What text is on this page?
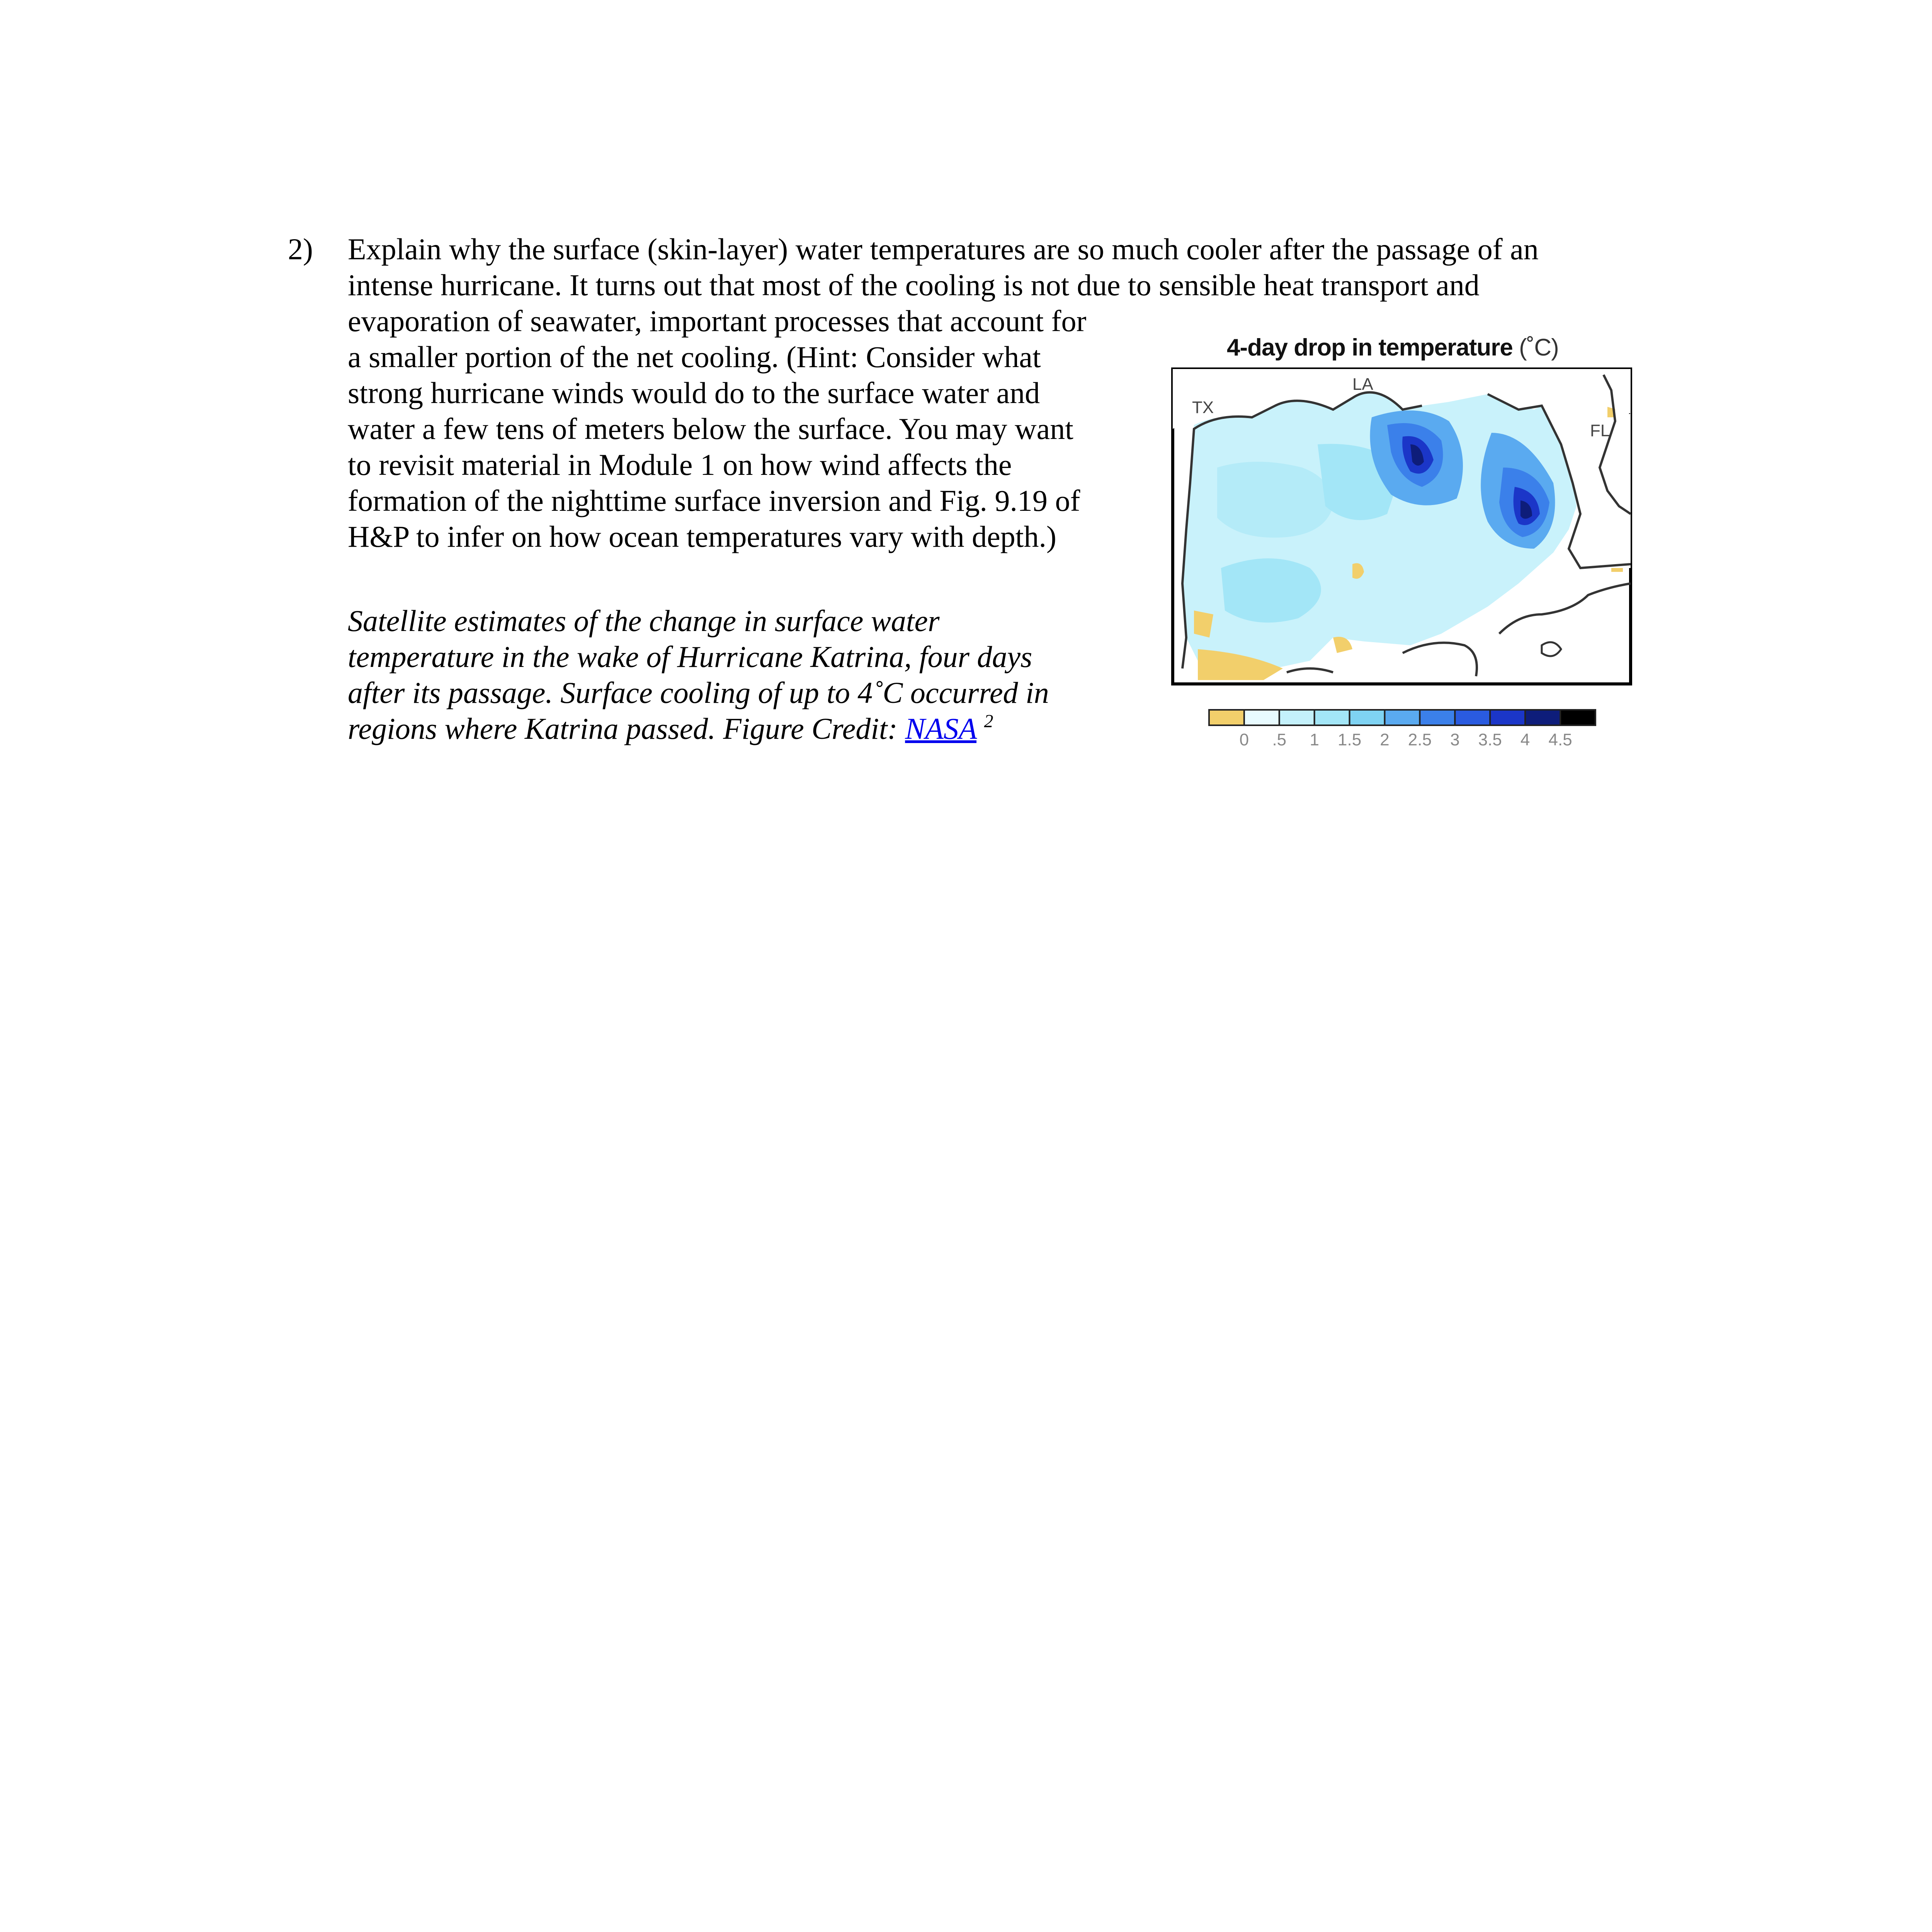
2) Explain why the surface (skin-layer) water temperatures are so much cooler after the passage of an
intense hurricane. It turns out that most of the cooling is not due to sensible heat transport and
evaporation of seawater, important processes that account for
a smaller portion of the net cooling. (Hint: Consider what
strong hurricane winds would do to the surface water and
water a few tens of meters below the surface. You may want
to revisit material in Module 1 on how wind affects the
formation of the nighttime surface inversion and Fig. 9.19 of
H&P to infer on how ocean temperatures vary with depth.)
Satellite estimates of the change in surface water
temperature in the wake of Hurricane Katrina, four days
after its passage. Surface cooling of up to 4˚C occurred in
regions where Katrina passed. Figure Credit: NASA $^2$
4-day drop in temperature (˚C)
TX
LA
FL
0 .5 1 1.5 2 2.5 3 3.5 4 4.5
